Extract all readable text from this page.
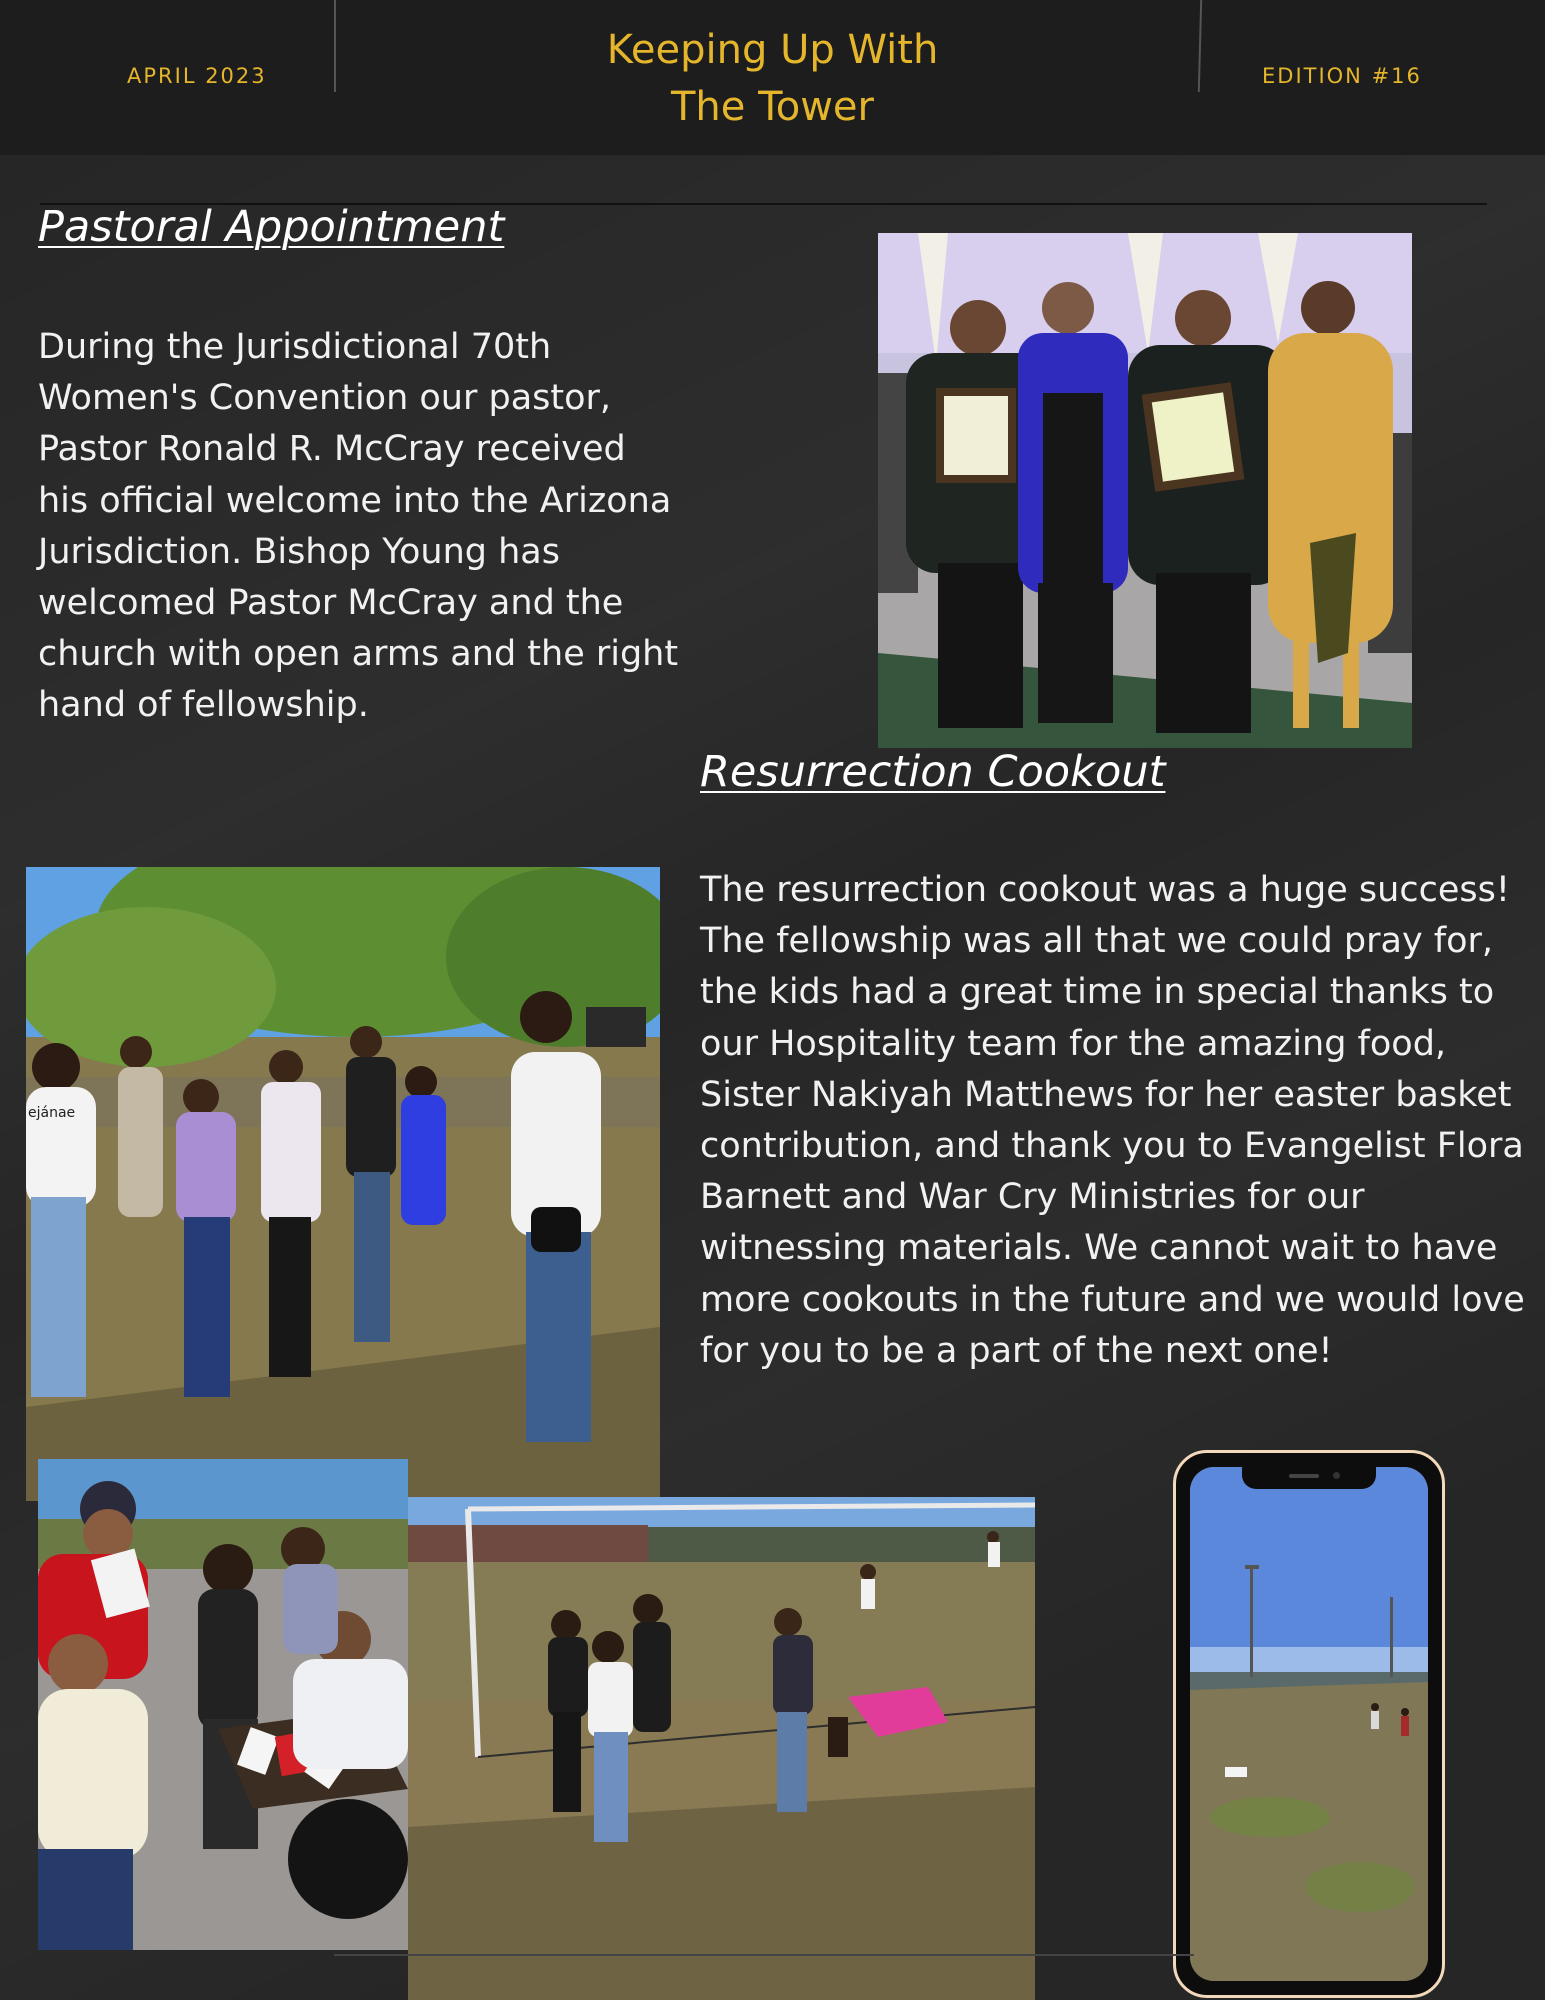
APRIL 2023
Keeping Up With
The Tower
EDITION #16
Pastoral Appointment
During the Jurisdictional 70th Women's Convention our pastor, Pastor Ronald R. McCray received his official welcome into the Arizona Jurisdiction. Bishop Young has welcomed Pastor McCray and the church with open arms and the right hand of fellowship.
Resurrection Cookout
The resurrection cookout was a huge success! The fellowship was all that we could pray for, the kids had a great time in special thanks to our Hospitality team for the amazing food, Sister Nakiyah Matthews for her easter basket contribution, and thank you to Evangelist Flora Barnett and War Cry Ministries for our witnessing materials. We cannot wait to have more cookouts in the future and we would love for you to be a part of the next one!
ejánae
